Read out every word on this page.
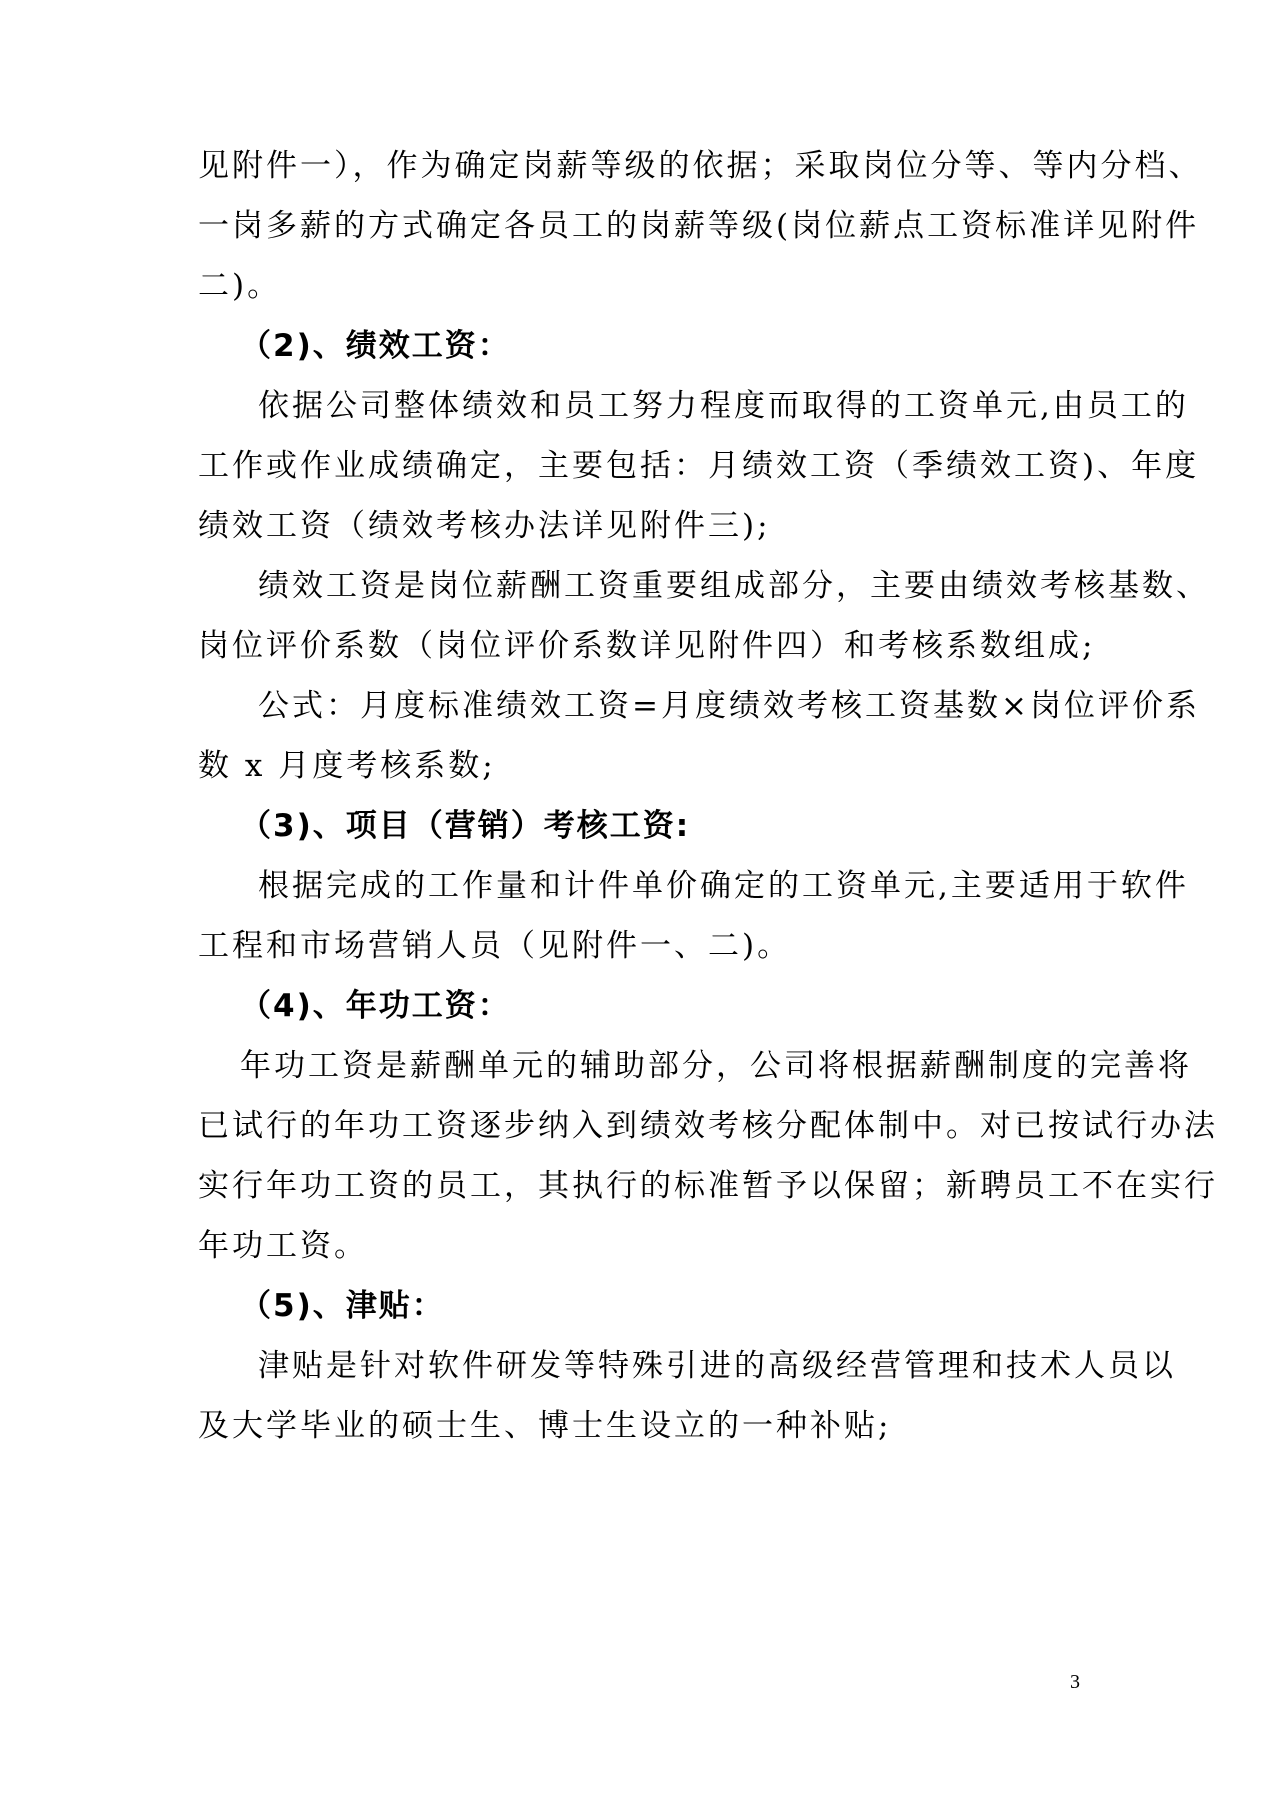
见附件一），作为确定岗薪等级的依据；采取岗位分等、等内分档、
一岗多薪的方式确定各员工的岗薪等级(岗位薪点工资标准详见附件
二)。
（2)、绩效工资：
依据公司整体绩效和员工努力程度而取得的工资单元,由员工的
工作或作业成绩确定，主要包括：月绩效工资（季绩效工资)、年度
绩效工资（绩效考核办法详见附件三);
绩效工资是岗位薪酬工资重要组成部分，主要由绩效考核基数、
岗位评价系数（岗位评价系数详见附件四）和考核系数组成;
公式：月度标准绩效工资=月度绩效考核工资基数×岗位评价系
数 x 月度考核系数;
（3)、项目（营销）考核工资:
根据完成的工作量和计件单价确定的工资单元,主要适用于软件
工程和市场营销人员（见附件一、二)。
（4)、年功工资：
年功工资是薪酬单元的辅助部分，公司将根据薪酬制度的完善将
已试行的年功工资逐步纳入到绩效考核分配体制中。对已按试行办法
实行年功工资的员工，其执行的标准暂予以保留；新聘员工不在实行
年功工资。
（5)、津贴：
津贴是针对软件研发等特殊引进的高级经营管理和技术人员以
及大学毕业的硕士生、博士生设立的一种补贴;
3
